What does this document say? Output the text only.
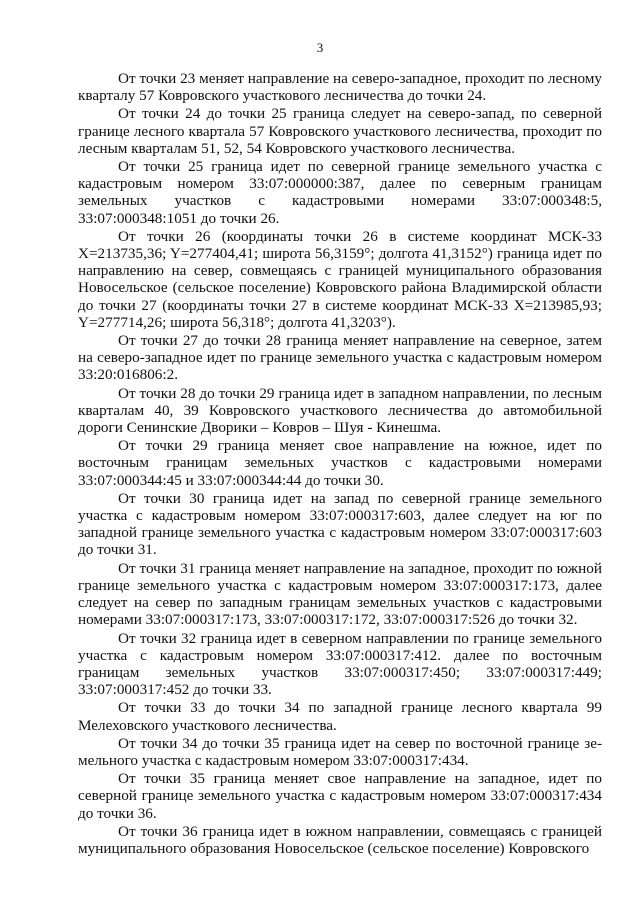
3

От точки 23 меняет направление на северо-западное, проходит по лесному кварталу 57 Ковровского участкового лесничества до точки 24.

От точки 24 до точки 25 граница следует на северо-запад, по северной границе лесного квартала 57 Ковровского участкового лесничества, проходит по лесным кварталам 51, 52, 54 Ковровского участкового лесничества.

От точки 25 граница идет по северной границе земельного участка с кадастровым номером 33:07:000000:387, далее по северным границам земельных участков с кадастровыми номерами 33:07:000348:5, 33:07:000348:1051 до точки 26.

От точки 26 (координаты точки 26 в системе координат МСК-33 X=213735,36; Y=277404,41; широта 56,3159°; долгота 41,3152°) граница идет по направлению на север, совмещаясь с границей муниципального образования Новосельское (сельское поселение) Ковровского района Владимирской области до точки 27 (координаты точки 27 в системе координат МСК-33 X=213985,93; Y=277714,26; широта 56,318°; долгота 41,3203°).

От точки 27 до точки 28 граница меняет направление на северное, затем на северо-западное идет по границе земельного участка с кадастровым номером 33:20:016806:2.

От точки 28 до точки 29 граница идет в западном направлении, по лесным кварталам 40, 39 Ковровского участкового лесничества до автомобильной дороги Сенинские Дворики – Ковров – Шуя - Кинешма.

От точки 29 граница меняет свое направление на южное, идет по восточным границам земельных участков с кадастровыми номерами 33:07:000344:45 и 33:07:000344:44 до точки 30.

От точки 30 граница идет на запад по северной границе земельного участка с кадастровым номером 33:07:000317:603, далее следует на юг по западной границе земельного участка с кадастровым номером 33:07:000317:603 до точки 31.

От точки 31 граница меняет направление на западное, проходит по южной границе земельного участка с кадастровым номером 33:07:000317:173, далее следует на север по западным границам земельных участков с кадастровыми номерами 33:07:000317:173, 33:07:000317:172, 33:07:000317:526 до точки 32.

От точки 32 граница идет в северном направлении по границе земельного участка с кадастровым номером 33:07:000317:412. далее по восточным границам земельных участков 33:07:000317:450; 33:07:000317:449; 33:07:000317:452 до точки 33.

От точки 33 до точки 34 по западной границе лесного квартала 99 Мелеховского участкового лесничества.

От точки 34 до точки 35 граница идет на север по восточной границе земельного участка с кадастровым номером 33:07:000317:434.

От точки 35 граница меняет свое направление на западное, идет по северной границе земельного участка с кадастровым номером 33:07:000317:434 до точки 36.

От точки 36 граница идет в южном направлении, совмещаясь с границей муниципального образования Новосельское (сельское поселение) Ковровского
